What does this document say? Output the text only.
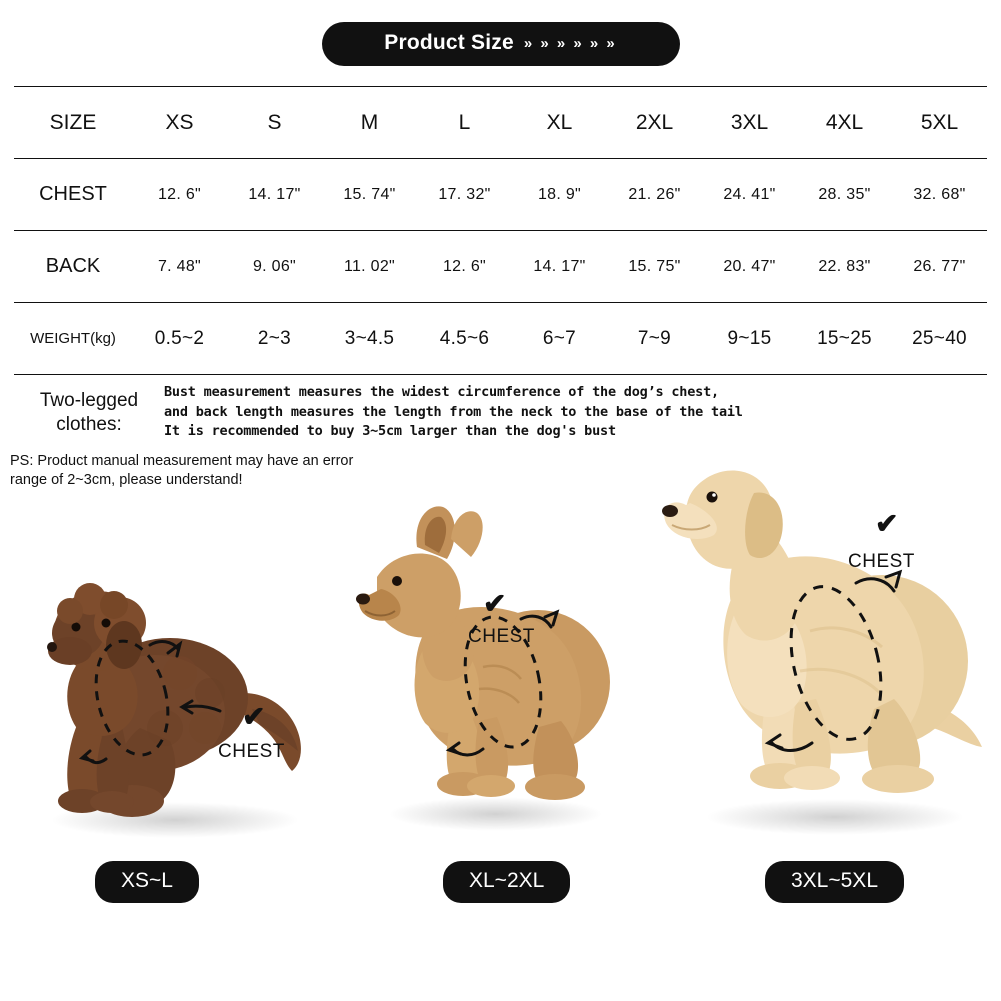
Product Size » » » » » »
SIZE	XS	S	M	L	XL	2XL	3XL	4XL	5XL
CHEST	12. 6"	14. 17"	15. 74"	17. 32"	18. 9"	21. 26"	24. 41"	28. 35"	32. 68"
BACK	7. 48"	9. 06"	11. 02"	12. 6"	14. 17"	15. 75"	20. 47"	22. 83"	26. 77"
WEIGHT(kg)	0.5~2	2~3	3~4.5	4.5~6	6~7	7~9	9~15	15~25	25~40
Two-legged clothes:
Bust measurement measures the widest circumference of the dog’s chest,
and back length measures the length from the neck to the base of the tail
It is recommended to buy 3~5cm larger than the dog's bust
PS: Product manual measurement may have an error
range of 2~3cm, please understand!
✔
CHEST
XS~L
✔
CHEST
XL~2XL
✔
CHEST
3XL~5XL
